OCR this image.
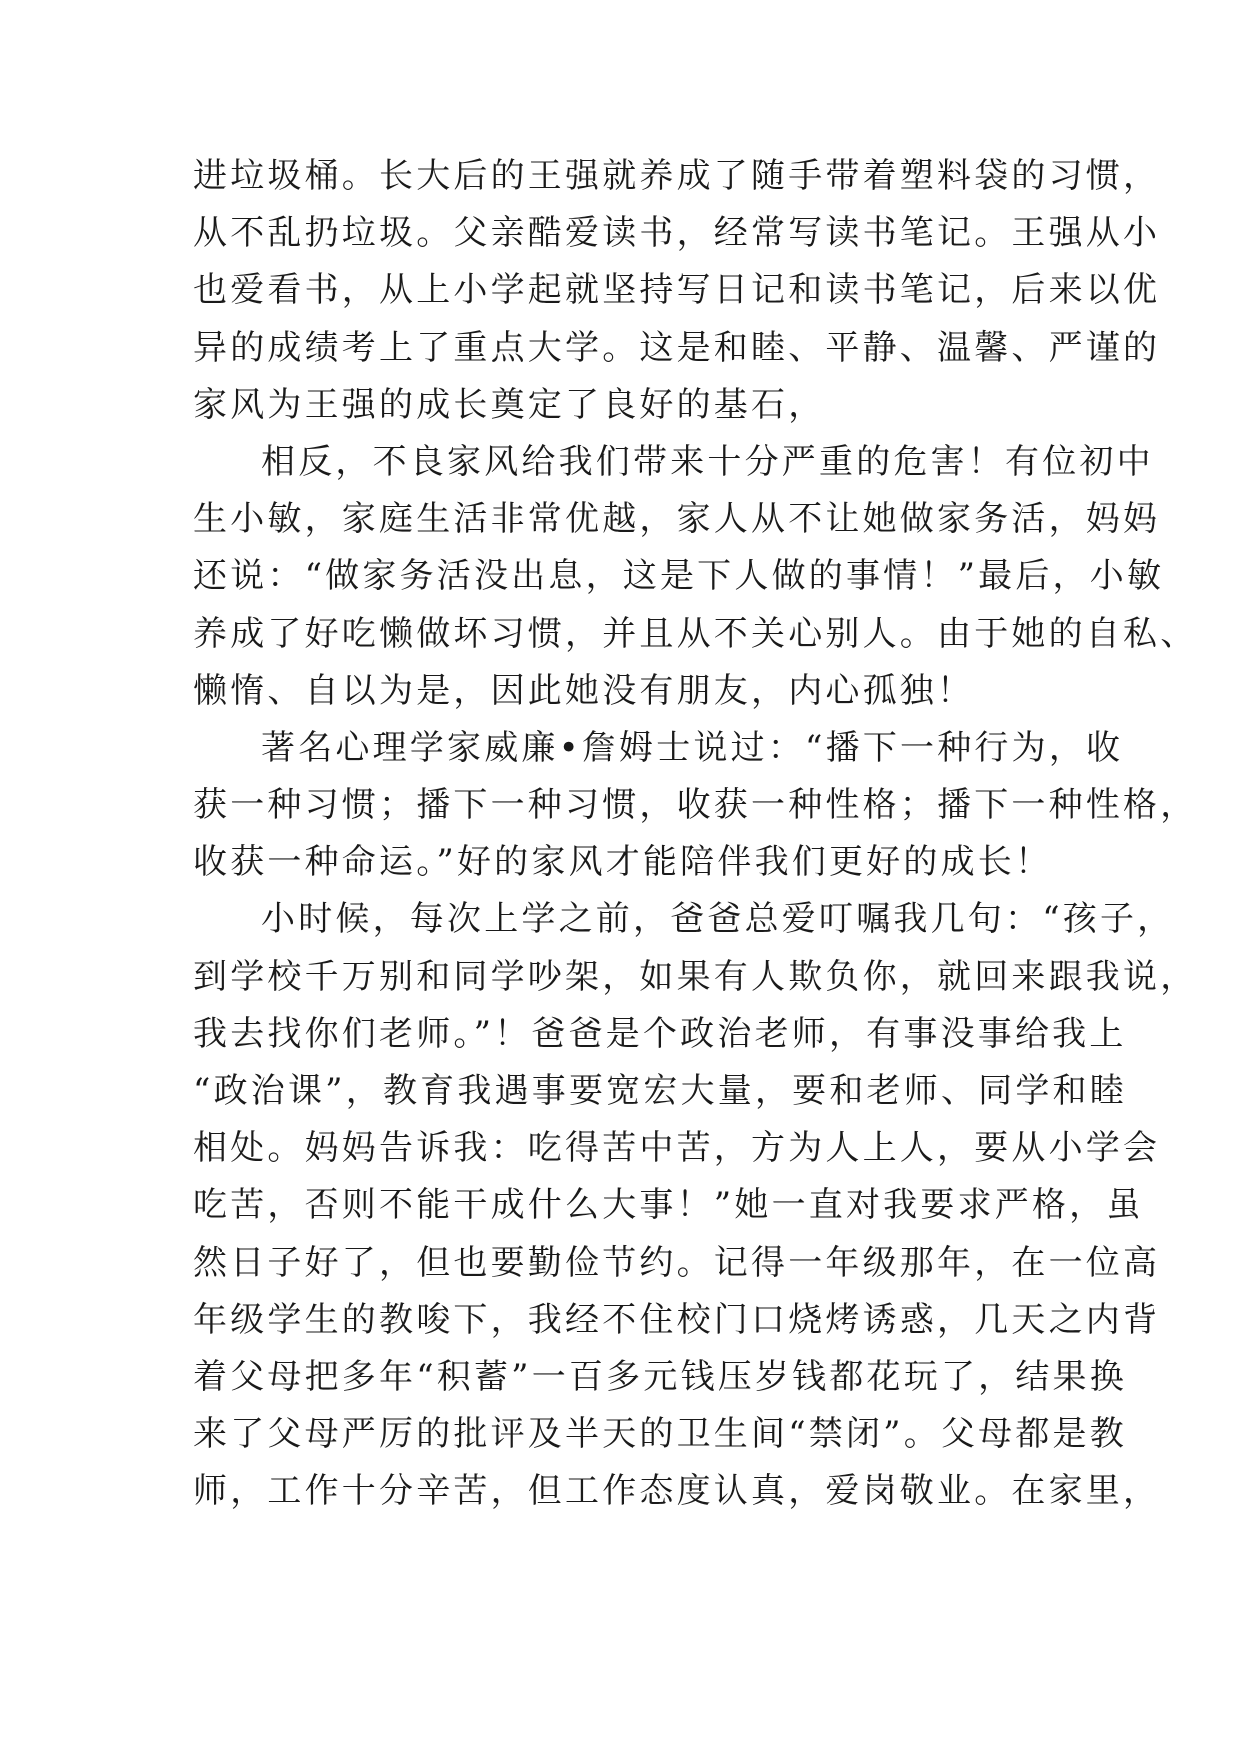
进垃圾桶。长大后的王强就养成了随手带着塑料袋的习惯，
从不乱扔垃圾。父亲酷爱读书，经常写读书笔记。王强从小
也爱看书，从上小学起就坚持写日记和读书笔记，后来以优
异的成绩考上了重点大学。这是和睦、平静、温馨、严谨的
家风为王强的成长奠定了良好的基石，
相反，不良家风给我们带来十分严重的危害！有位初中
生小敏，家庭生活非常优越，家人从不让她做家务活，妈妈
还说：“做家务活没出息，这是下人做的事情！”最后，小敏
养成了好吃懒做坏习惯，并且从不关心别人。由于她的自私、
懒惰、自以为是，因此她没有朋友，内心孤独！
著名心理学家威廉•詹姆士说过：“播下一种行为，收
获一种习惯；播下一种习惯，收获一种性格；播下一种性格，
收获一种命运。”好的家风才能陪伴我们更好的成长！
小时候，每次上学之前，爸爸总爱叮嘱我几句：“孩子，
到学校千万别和同学吵架，如果有人欺负你，就回来跟我说，
我去找你们老师。”！爸爸是个政治老师，有事没事给我上
“政治课”，教育我遇事要宽宏大量，要和老师、同学和睦
相处。妈妈告诉我：吃得苦中苦，方为人上人，要从小学会
吃苦，否则不能干成什么大事！”她一直对我要求严格，虽
然日子好了，但也要勤俭节约。记得一年级那年，在一位高
年级学生的教唆下，我经不住校门口烧烤诱惑，几天之内背
着父母把多年“积蓄”一百多元钱压岁钱都花玩了，结果换
来了父母严厉的批评及半天的卫生间“禁闭”。父母都是教
师，工作十分辛苦，但工作态度认真，爱岗敬业。在家里，
